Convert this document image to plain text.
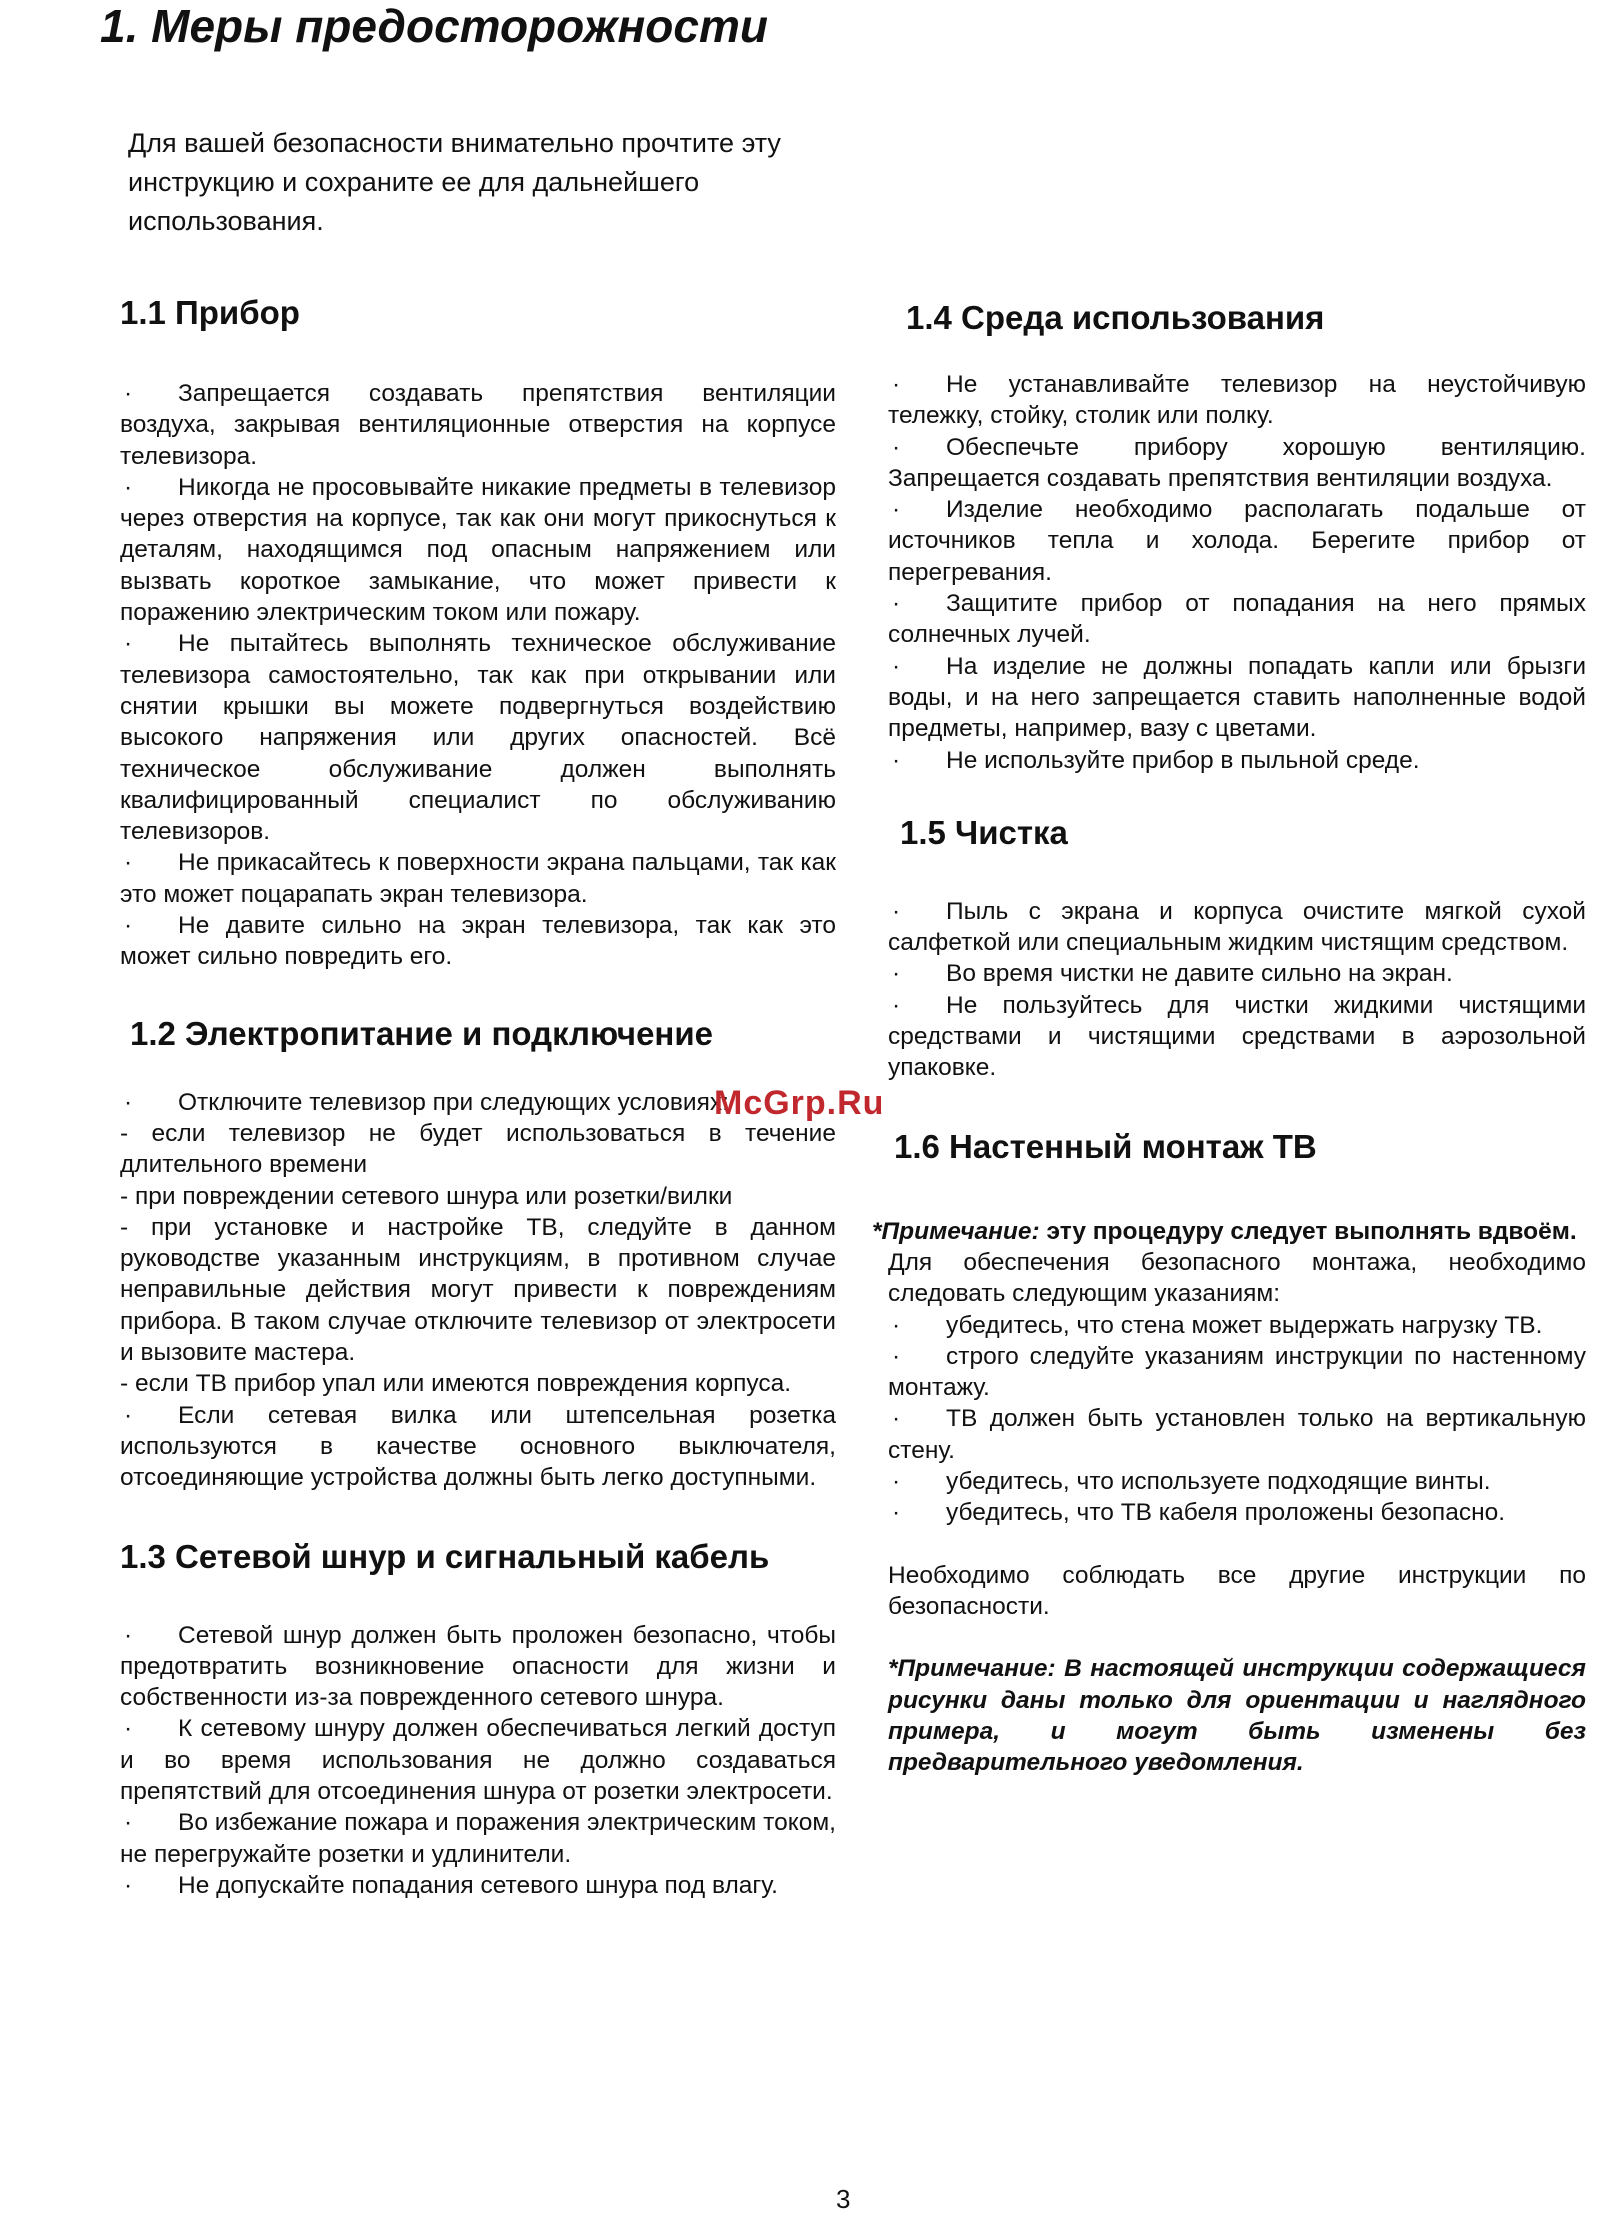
1. Меры предосторожности

Для вашей безопасности внимательно прочтите эту инструкцию и сохраните ее для дальнейшего использования.

1.1 Прибор

· Запрещается создавать препятствия вентиляции воздуха, закрывая вентиляционные отверстия на корпусе телевизора.

· Никогда не просовывайте никакие предметы в телевизор через отверстия на корпусе, так как они могут прикоснуться к деталям, находящимся под опасным напряжением или вызвать короткое замыкание, что может привести к поражению электрическим током или пожару.

· Не пытайтесь выполнять техническое обслуживание телевизора самостоятельно, так как при открывании или снятии крышки вы можете подвергнуться воздействию высокого напряжения или других опасностей. Всё техническое обслуживание должен выполнять квалифицированный специалист по обслуживанию телевизоров.

· Не прикасайтесь к поверхности экрана пальцами, так как это может поцарапать экран телевизора.

· Не давите сильно на экран телевизора, так как это может сильно повредить его.

1.2 Электропитание и подключение

· Отключите телевизор при следующих условиях:

- если телевизор не будет использоваться в течение длительного времени

- при повреждении сетевого шнура или розетки/вилки

- при установке и настройке ТВ, следуйте в данном руководстве указанным инструкциям, в противном случае неправильные действия могут привести к повреждениям прибора. В таком случае отключите телевизор от электросети и вызовите мастера.

- если ТВ прибор упал или имеются повреждения корпуса.

· Если сетевая вилка или штепсельная розетка используются в качестве основного выключателя, отсоединяющие устройства должны быть легко доступными.

1.3 Сетевой шнур и сигнальный кабель

· Сетевой шнур должен быть проложен безопасно, чтобы предотвратить возникновение опасности для жизни и собственности из-за поврежденного сетевого шнура.

· К сетевому шнуру должен обеспечиваться легкий доступ и во время использования не должно создаваться препятствий для отсоединения шнура от розетки электросети.

· Во избежание пожара и поражения электрическим током, не перегружайте розетки и удлинители.

· Не допускайте попадания сетевого шнура под влагу.

1.4 Среда использования

· Не устанавливайте телевизор на неустойчивую тележку, стойку, столик или полку.

· Обеспечьте прибору хорошую вентиляцию. Запрещается создавать препятствия вентиляции воздуха.

· Изделие необходимо располагать подальше от источников тепла и холода. Берегите прибор от перегревания.

· Защитите прибор от попадания на него прямых солнечных лучей.

· На изделие не должны попадать капли или брызги воды, и на него запрещается ставить наполненные водой предметы, например, вазу с цветами.

· Не используйте прибор в пыльной среде.

1.5 Чистка

· Пыль с экрана и корпуса очистите мягкой сухой салфеткой или специальным жидким чистящим средством.

· Во время чистки не давите сильно на экран.

· Не пользуйтесь для чистки жидкими чистящими средствами и чистящими средствами в аэрозольной упаковке.

1.6 Настенный монтаж ТВ

*Примечание: эту процедуру следует выполнять вдвоём.

Для обеспечения безопасного монтажа, необходимо следовать следующим указаниям:

· убедитесь, что стена может выдержать нагрузку ТВ.

· строго следуйте указаниям инструкции по настенному монтажу.

· ТВ должен быть установлен только на вертикальную стену.

· убедитесь, что используете подходящие винты.

· убедитесь, что ТВ кабеля проложены безопасно.

Необходимо соблюдать все другие инструкции по безопасности.

*Примечание: В настоящей инструкции содержащиеся рисунки даны только для ориентации и наглядного примера, и могут быть изменены без предварительного уведомления.

McGrp.Ru
3
